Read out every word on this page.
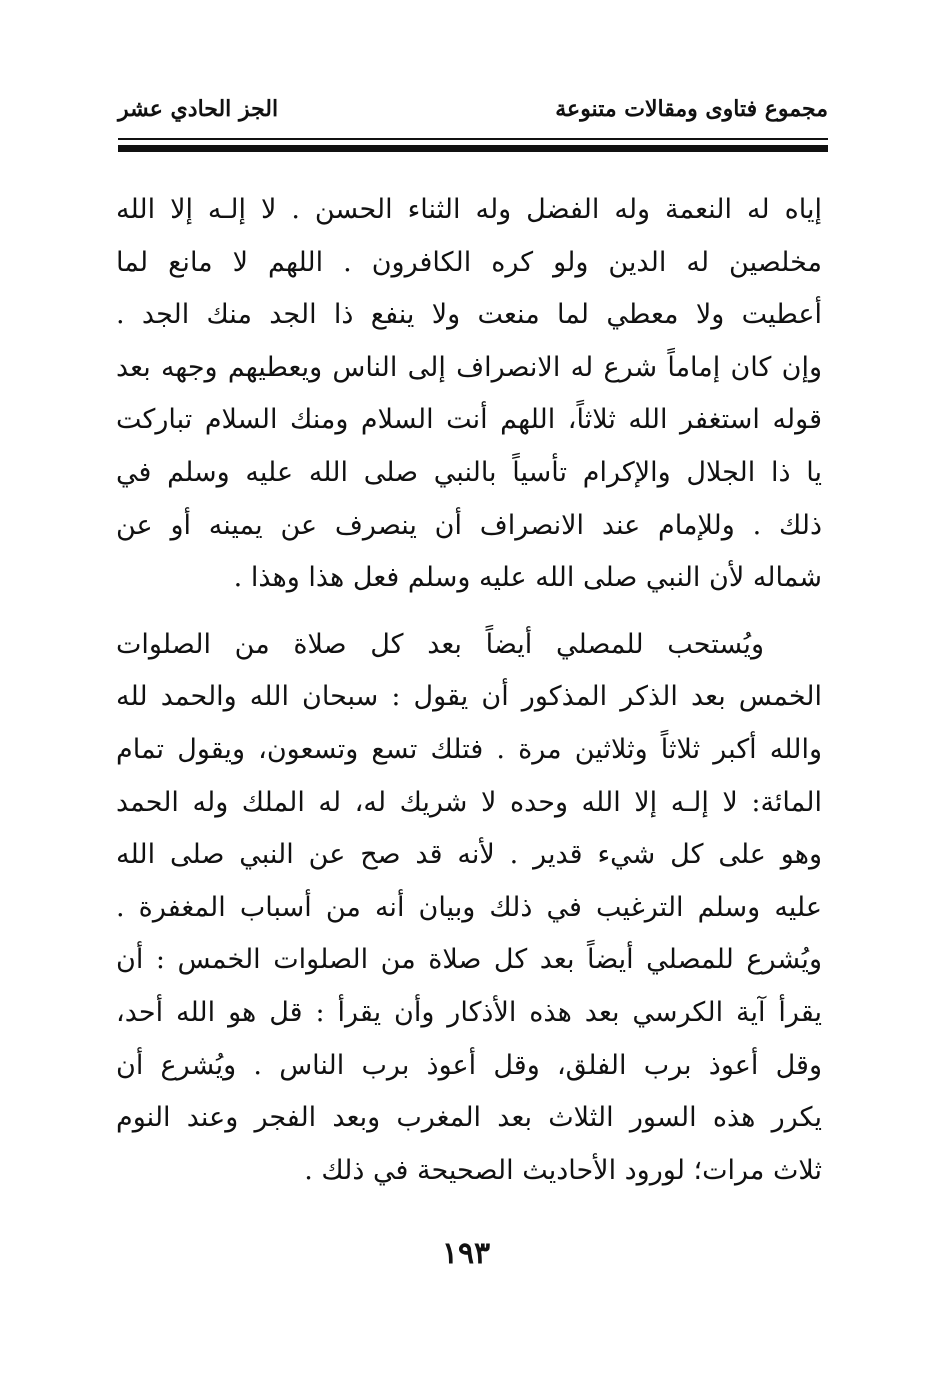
مجموع فتاوى ومقالات متنوعة
الجز الحادي عشر
إياه له النعمة وله الفضل وله الثناء الحسن . لا إلـه إلا الله
مخلصين له الدين ولو كره الكافرون . اللهم لا مانع لما
أعطيت ولا معطي لما منعت ولا ينفع ذا الجد منك الجد .
وإن كان إماماً شرع له الانصراف إلى الناس ويعطيهم وجهه بعد
قوله استغفر الله ثلاثاً، اللهم أنت السلام ومنك السلام تباركت
يا ذا الجلال والإكرام تأسياً بالنبي صلى الله عليه وسلم في
ذلك . وللإمام عند الانصراف أن ينصرف عن يمينه أو عن
شماله لأن النبي صلى الله عليه وسلم فعل هذا وهذا .
ويُستحب للمصلي أيضاً بعد كل صلاة من الصلوات
الخمس بعد الذكر المذكور أن يقول : سبحان الله والحمد لله
والله أكبر ثلاثاً وثلاثين مرة . فتلك تسع وتسعون، ويقول تمام
المائة: لا إلـه إلا الله وحده لا شريك له، له الملك وله الحمد
وهو على كل شيء قدير . لأنه قد صح عن النبي صلى الله
عليه وسلم الترغيب في ذلك وبيان أنه من أسباب المغفرة .
ويُشرع للمصلي أيضاً بعد كل صلاة من الصلوات الخمس : أن
يقرأ آية الكرسي بعد هذه الأذكار وأن يقرأ : قل هو الله أحد،
وقل أعوذ برب الفلق، وقل أعوذ برب الناس . ويُشرع أن
يكرر هذه السور الثلاث بعد المغرب وبعد الفجر وعند النوم
ثلاث مرات؛ لورود الأحاديث الصحيحة في ذلك .
١٩٣
